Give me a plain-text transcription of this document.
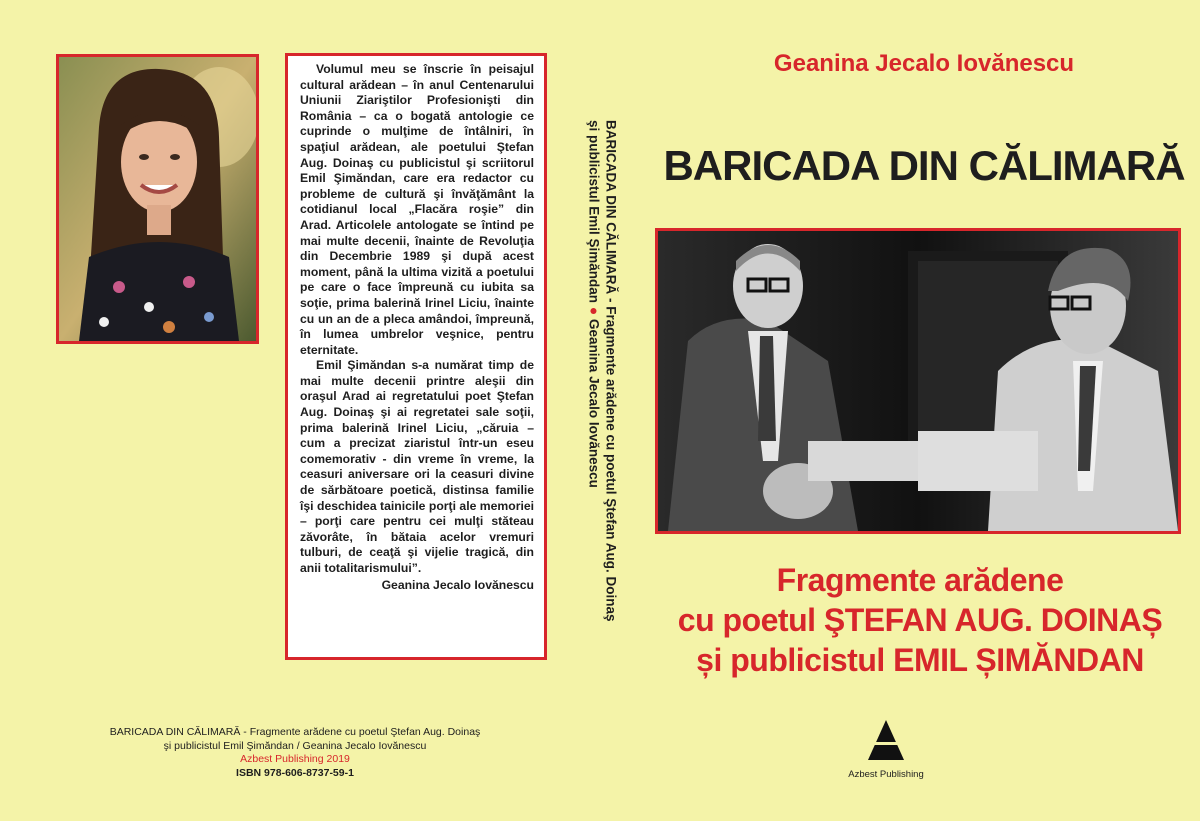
Volumul meu se înscrie în peisajul cultural arădean – în anul Centenarului Uniunii Ziariştilor Profesionişti din România – ca o bogată antologie ce cuprinde o mulţime de întâlniri, în spaţiul arădean, ale poetului Ştefan Aug. Doinaş cu publicistul şi scriitorul Emil Şimăndan, care era redactor cu probleme de cultură şi învăţământ la cotidianul local „Flacăra roşie” din Arad. Articolele antologate se întind pe mai multe decenii, înainte de Revoluţia din Decembrie 1989 şi după acest moment, până la ultima vizită a poetului pe care o face împreună cu iubita sa soţie, prima balerină Irinel Liciu, înainte cu un an de a pleca amândoi, împreună, în lumea umbrelor veşnice, pentru eternitate.

Emil Şimăndan s-a numărat timp de mai multe decenii printre aleşii din oraşul Arad ai regretatului poet Ştefan Aug. Doinaş şi ai regretatei sale soţii, prima balerină Irinel Liciu, „căruia – cum a precizat ziaristul într-un eseu comemorativ - din vreme în vreme, la ceasuri aniversare ori la ceasuri divine de sărbătoare poetică, distinsa familie îşi deschidea tainicile porţi ale memoriei – porţi care pentru cei mulţi stăteau zăvorâte, în bătaia acelor vremuri tulburi, de ceaţă şi vijelie tragică, din anii totalitarismului”.

Geanina Jecalo Iovănescu

BARICADA DIN CĂLIMARĂ - Fragmente arădene cu poetul Ştefan Aug. Doinaş
şi publicistul Emil Şimăndan / Geanina Jecalo Iovănescu
Azbest Publishing 2019
ISBN 978-606-8737-59-1
BARICADA DIN CĂLIMARĂ - Fragmente arădene cu poetul Ştefan Aug. Doinaş
şi publicistul Emil Şimăndan ● Geanina Jecalo Iovănescu
Geanina Jecalo Iovănescu
BARICADA DIN CĂLIMARĂ
Fragmente arădene
cu poetul ŞTEFAN AUG. DOINAȘ
și publicistul EMIL ȘIMĂNDAN
Azbest Publishing
